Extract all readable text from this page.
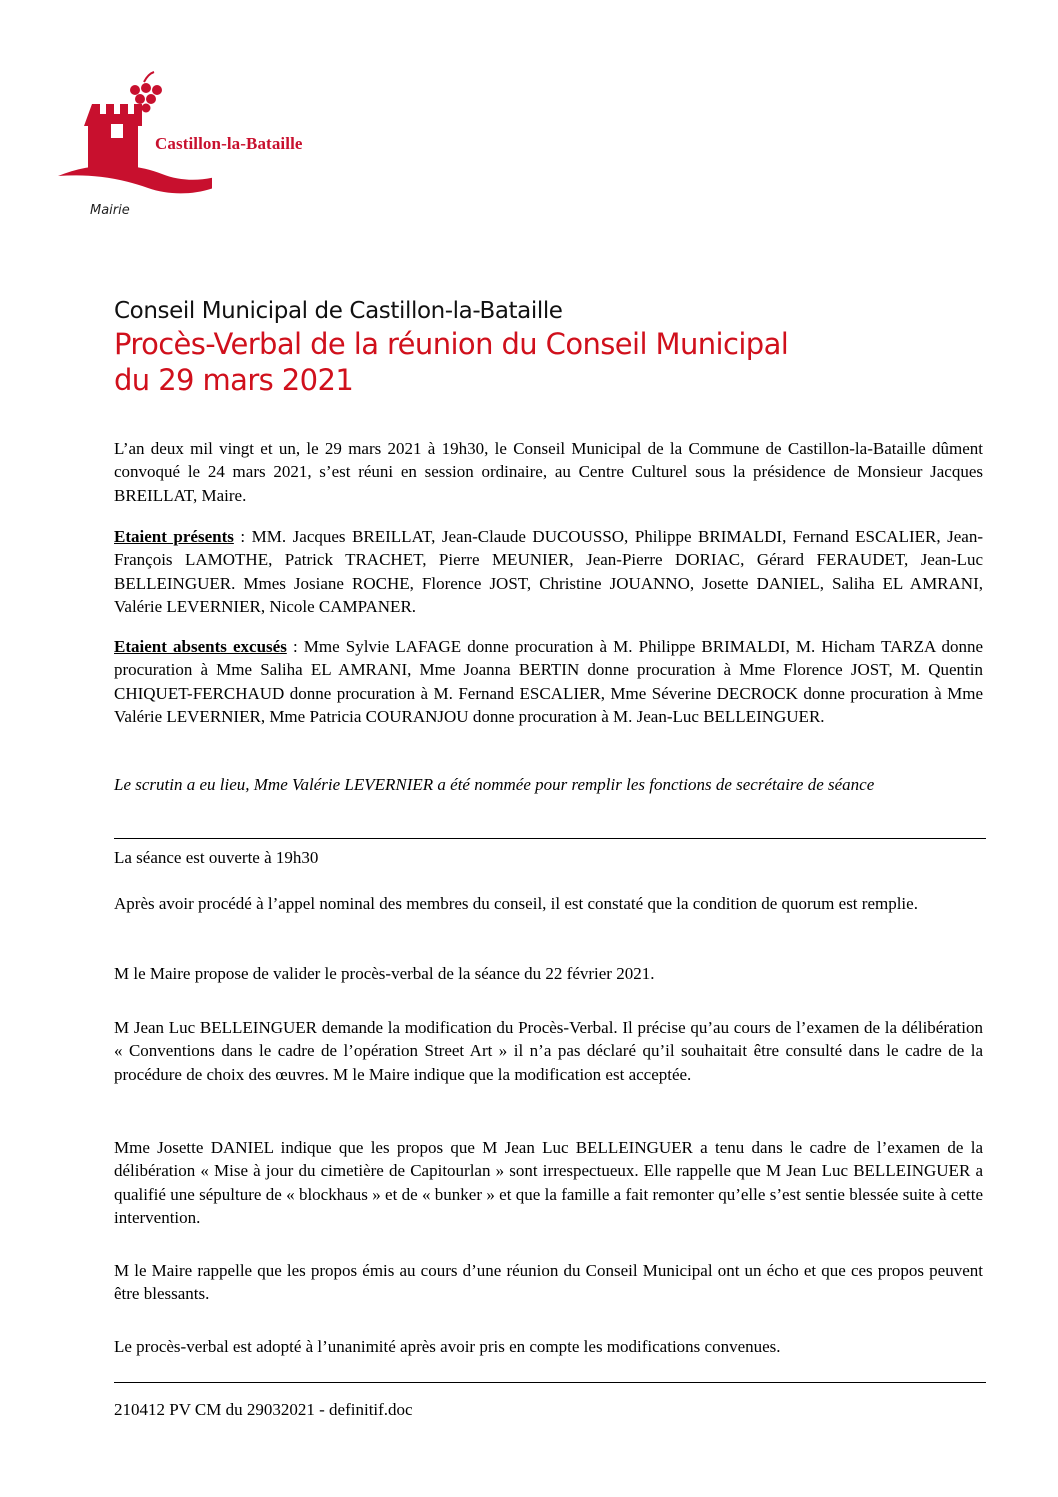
Castillon-la-Bataille
Mairie
Conseil Municipal de Castillon-la-Bataille
Procès-Verbal de la réunion du Conseil Municipal
du 29 mars 2021

L’an deux mil vingt et un, le 29 mars 2021 à 19h30, le Conseil Municipal de la Commune de Castillon-la-Bataille dûment convoqué le 24 mars 2021, s’est réuni en session ordinaire, au Centre Culturel sous la présidence de Monsieur Jacques BREILLAT, Maire.

Etaient présents : MM. Jacques BREILLAT, Jean-Claude DUCOUSSO, Philippe BRIMALDI, Fernand ESCALIER, Jean-François LAMOTHE, Patrick TRACHET, Pierre MEUNIER, Jean-Pierre DORIAC, Gérard FERAUDET, Jean-Luc BELLEINGUER. Mmes Josiane ROCHE, Florence JOST, Christine JOUANNO, Josette DANIEL, Saliha EL AMRANI, Valérie LEVERNIER, Nicole CAMPANER.

Etaient absents excusés : Mme Sylvie LAFAGE donne procuration à M. Philippe BRIMALDI, M. Hicham TARZA donne procuration à Mme Saliha EL AMRANI, Mme Joanna BERTIN donne procuration à Mme Florence JOST, M. Quentin CHIQUET-FERCHAUD donne procuration à M. Fernand ESCALIER, Mme Séverine DECROCK donne procuration à Mme Valérie LEVERNIER, Mme Patricia COURANJOU donne procuration à M. Jean-Luc BELLEINGUER.

Le scrutin a eu lieu, Mme Valérie LEVERNIER a été nommée pour remplir les fonctions de secrétaire de séance

La séance est ouverte à 19h30

Après avoir procédé à l’appel nominal des membres du conseil, il est constaté que la condition de quorum est remplie.

M le Maire propose de valider le procès-verbal de la séance du 22 février 2021.

M Jean Luc BELLEINGUER demande la modification du Procès-Verbal. Il précise qu’au cours de l’examen de la délibération « Conventions dans le cadre de l’opération Street Art » il n’a pas déclaré qu’il souhaitait être consulté dans le cadre de la procédure de choix des œuvres. M le Maire indique que la modification est acceptée.

Mme Josette DANIEL indique que les propos que M Jean Luc BELLEINGUER a tenu dans le cadre de l’examen de la délibération « Mise à jour du cimetière de Capitourlan » sont irrespectueux. Elle rappelle que M Jean Luc BELLEINGUER a qualifié une sépulture de « blockhaus » et de « bunker » et que la famille a fait remonter qu’elle s’est sentie blessée suite à cette intervention.

M le Maire rappelle que les propos émis au cours d’une réunion du Conseil Municipal ont un écho et que ces propos peuvent être blessants.

Le procès-verbal est adopté à l’unanimité après avoir pris en compte les modifications convenues.

210412 PV CM du 29032021 - definitif.doc
